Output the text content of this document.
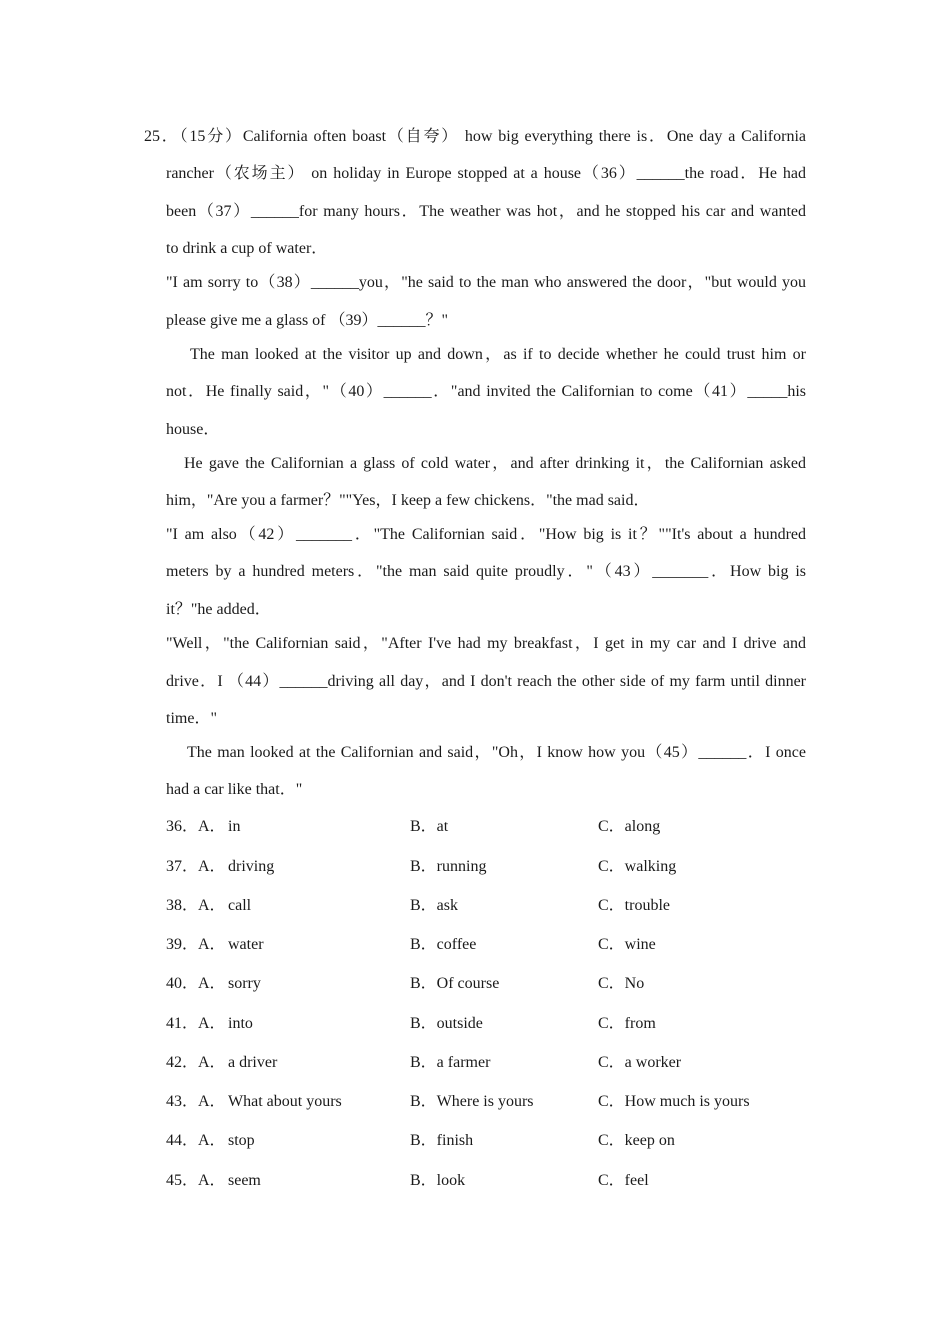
25．（15分）California often boast（自夸） how big everything there is．One day a California
rancher（农场主） on holiday in Europe stopped at a house（36）______the road．He had
been（37）______for many hours．The weather was hot，and he stopped his car and wanted
to drink a cup of water．
"I am sorry to（38）______you，"he said to the man who answered the door，"but would you
please give me a glass of （39）______？"
The man looked at the visitor up and down，as if to decide whether he could trust him or
not．He finally said，"（40）______．"and invited the Californian to come（41）_____his
house．
He gave the Californian a glass of cold water，and after drinking it，the Californian asked
him，"Are you a farmer？""Yes，I keep a few chickens．"the mad said．
"I am also（42）_______．"The Californian said．"How big is it？""It's about a hundred
meters by a hundred meters．"the man said quite proudly．"（43）_______．How big is
it？"he added．
"Well，"the Californian said，"After I've had my breakfast，I get in my car and I drive and
drive．I （44）______driving all day，and I don't reach the other side of my farm until dinner
time．"
The man looked at the Californian and said，"Oh，I know how you（45）______．I once
had a car like that．"
36．A． in	B．at	C．along
37．A． driving	B．running	C．walking
38．A． call	B．ask	C．trouble
39．A． water	B．coffee	C．wine
40．A． sorry	B．Of course	C．No
41．A． into	B．outside	C．from
42．A． a driver	B．a farmer	C．a worker
43．A． What about yours	B．Where is yours	C．How much is yours
44．A． stop	B．finish	C．keep on
45．A． seem	B．look	C．feel
